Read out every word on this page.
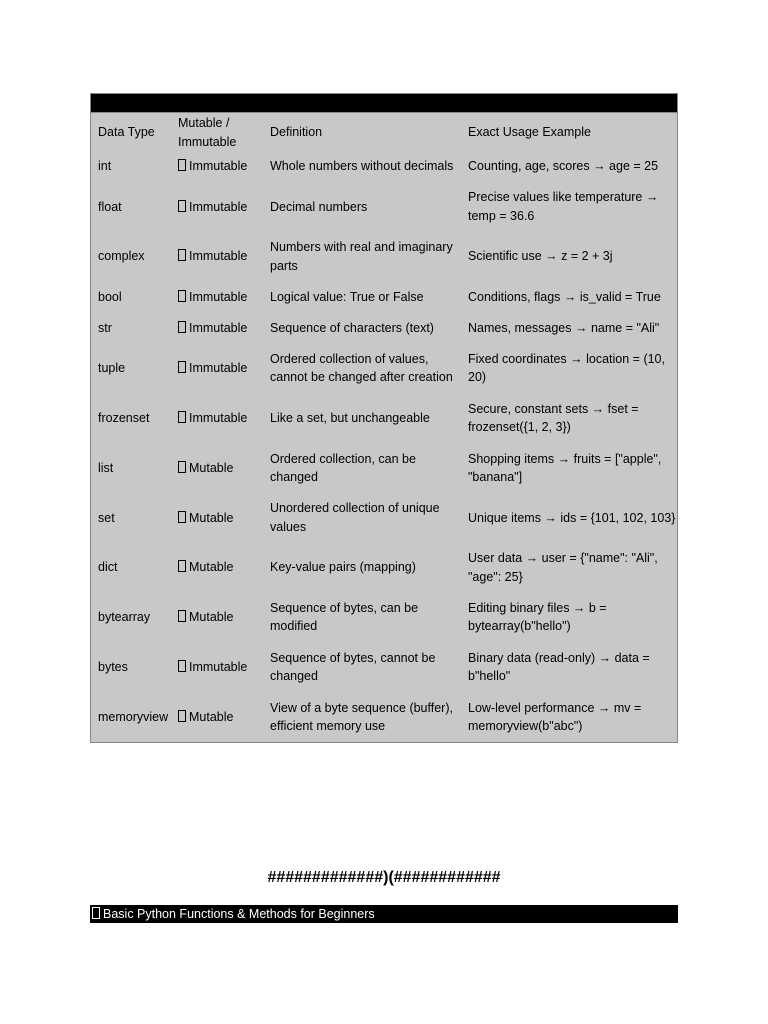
Data Type	Mutable / Immutable	Definition	Exact Usage Example
int	Immutable	Whole numbers without decimals	Counting, age, scores → age = 25
float	Immutable	Decimal numbers	Precise values like temperature → temp = 36.6
complex	Immutable	Numbers with real and imaginary parts	Scientific use → z = 2 + 3j
bool	Immutable	Logical value: True or False	Conditions, flags → is_valid = True
str	Immutable	Sequence of characters (text)	Names, messages → name = "Ali"
tuple	Immutable	Ordered collection of values, cannot be changed after creation	Fixed coordinates → location = (10, 20)
frozenset	Immutable	Like a set, but unchangeable	Secure, constant sets → fset = frozenset({1, 2, 3})
list	Mutable	Ordered collection, can be changed	Shopping items → fruits = ["apple", "banana"]
set	Mutable	Unordered collection of unique values	Unique items → ids = {101, 102, 103}
dict	Mutable	Key-value pairs (mapping)	User data → user = {"name": "Ali", "age": 25}
bytearray	Mutable	Sequence of bytes, can be modified	Editing binary files → b = bytearray(b"hello")
bytes	Immutable	Sequence of bytes, cannot be changed	Binary data (read-only) → data = b"hello"
memoryview	Mutable	View of a byte sequence (buffer), efficient memory use	Low-level performance → mv = memoryview(b"abc")
#############)(############
Basic Python Functions & Methods for Beginners
